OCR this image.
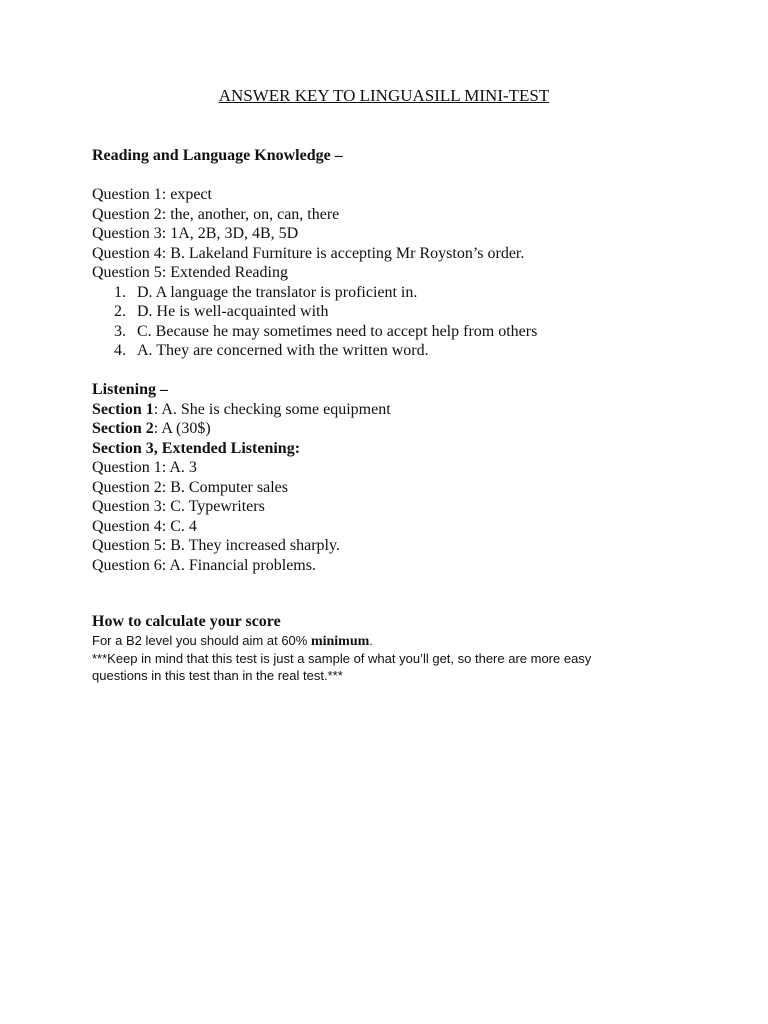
ANSWER KEY TO LINGUASILL MINI-TEST
Reading and Language Knowledge –
Question 1: expect
Question 2: the, another, on, can, there
Question 3: 1A, 2B, 3D, 4B, 5D
Question 4: B. Lakeland Furniture is accepting Mr Royston’s order.
Question 5: Extended Reading
1. D. A language the translator is proficient in.
2. D. He is well-acquainted with
3. C. Because he may sometimes need to accept help from others
4. A. They are concerned with the written word.
Listening –
Section 1: A. She is checking some equipment
Section 2: A (30$)
Section 3, Extended Listening:
Question 1: A. 3
Question 2: B. Computer sales
Question 3: C. Typewriters
Question 4: C. 4
Question 5: B. They increased sharply.
Question 6: A. Financial problems.
How to calculate your score
For a B2 level you should aim at 60% minimum.
***Keep in mind that this test is just a sample of what you’ll get, so there are more easy
questions in this test than in the real test.***
